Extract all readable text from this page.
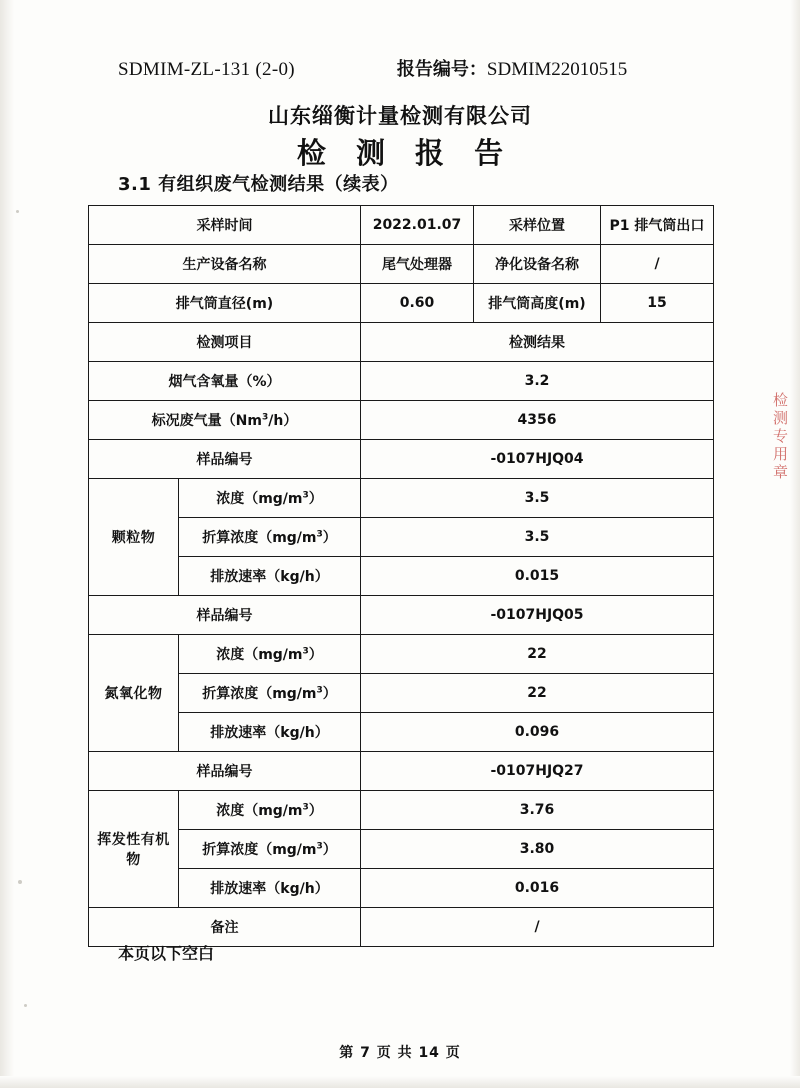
SDMIM-ZL-131 (2-0)	报告编号：SDMIM22010515
山东缁衡计量检测有限公司
检 测 报 告
3.1 有组织废气检测结果（续表）
采样时间		2022.01.07	采样位置	P1 排气筒出口
生产设备名称		尾气处理器	净化设备名称	/
排气筒直径(m)		0.60	排气筒高度(m)	15
检测项目		检测结果		
烟气含氧量（%）		3.2		
标况废气量（Nm$^3$/h）		4356		
样品编号		-0107HJQ04		
颗粒物	浓度$(mg/m^3)$	3.5		
	折算浓度$(mg/m^3)$	3.5		
	排放速率（kg/h）	0.015		
样品编号		-0107HJQ05		
氮氧化物	浓度$(mg/m^3)$	22		
	折算浓度$(mg/m^3)$	22		
	排放速率（kg/h）	0.096		
样品编号		-0107HJQ27		
挥发性有机物	浓度$(mg/m^3)$	3.76		
	折算浓度$(mg/m^3)$	3.80		
	排放速率（kg/h）	0.016		
备注		/		
本页以下空白
检测专用章
第 7 页 共 14 页
